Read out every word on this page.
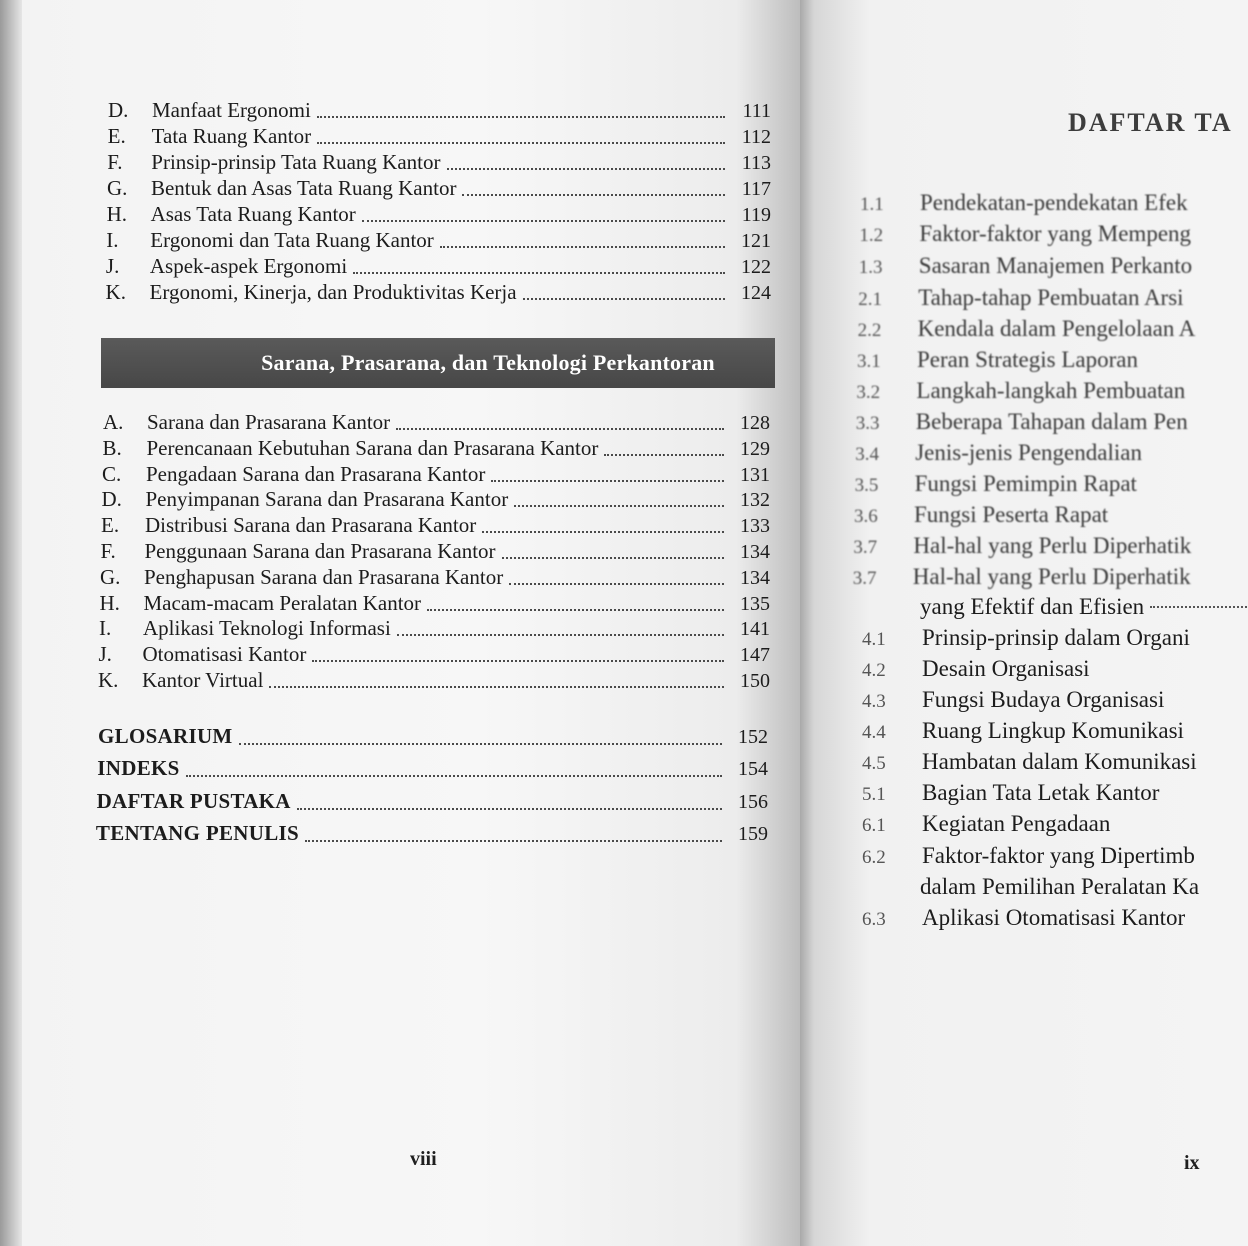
D.	Manfaat Ergonomi	111
E.	Tata Ruang Kantor	112
F.	Prinsip-prinsip Tata Ruang Kantor	113
G.	Bentuk dan Asas Tata Ruang Kantor	117
H.	Asas Tata Ruang Kantor	119
I.	Ergonomi dan Tata Ruang Kantor	121
J.	Aspek-aspek Ergonomi	122
K.	Ergonomi, Kinerja, dan Produktivitas Kerja	124
Sarana, Prasarana, dan Teknologi Perkantoran
A.	Sarana dan Prasarana Kantor	128
B.	Perencanaan Kebutuhan Sarana dan Prasarana Kantor	129
C.	Pengadaan Sarana dan Prasarana Kantor	131
D.	Penyimpanan Sarana dan Prasarana Kantor	132
E.	Distribusi Sarana dan Prasarana Kantor	133
F.	Penggunaan Sarana dan Prasarana Kantor	134
G.	Penghapusan Sarana dan Prasarana Kantor	134
H.	Macam-macam Peralatan Kantor	135
I.	Aplikasi Teknologi Informasi	141
J.	Otomatisasi Kantor	147
K.	Kantor Virtual	150
GLOSARIUM	152
INDEKS	154
DAFTAR PUSTAKA	156
TENTANG PENULIS	159
viii
DAFTAR TA
1.1	Pendekatan-pendekatan Efek
1.2	Faktor-faktor yang Mempeng
1.3	Sasaran Manajemen Perkanto
2.1	Tahap-tahap Pembuatan Arsi
2.2	Kendala dalam Pengelolaan A
3.1	Peran Strategis Laporan
3.2	Langkah-langkah Pembuatan
3.3	Beberapa Tahapan dalam Pen
3.4	Jenis-jenis Pengendalian
3.5	Fungsi Pemimpin Rapat
3.6	Fungsi Peserta Rapat
3.7	Hal-hal yang Perlu Diperhatik
3.7	Hal-hal yang Perlu Diperhatik
yang Efektif dan Efisien
4.1	Prinsip-prinsip dalam Organi
4.2	Desain Organisasi
4.3	Fungsi Budaya Organisasi
4.4	Ruang Lingkup Komunikasi
4.5	Hambatan dalam Komunikasi
5.1	Bagian Tata Letak Kantor
6.1	Kegiatan Pengadaan
6.2	Faktor-faktor yang Dipertimb
dalam Pemilihan Peralatan Ka
6.3	Aplikasi Otomatisasi Kantor
ix
